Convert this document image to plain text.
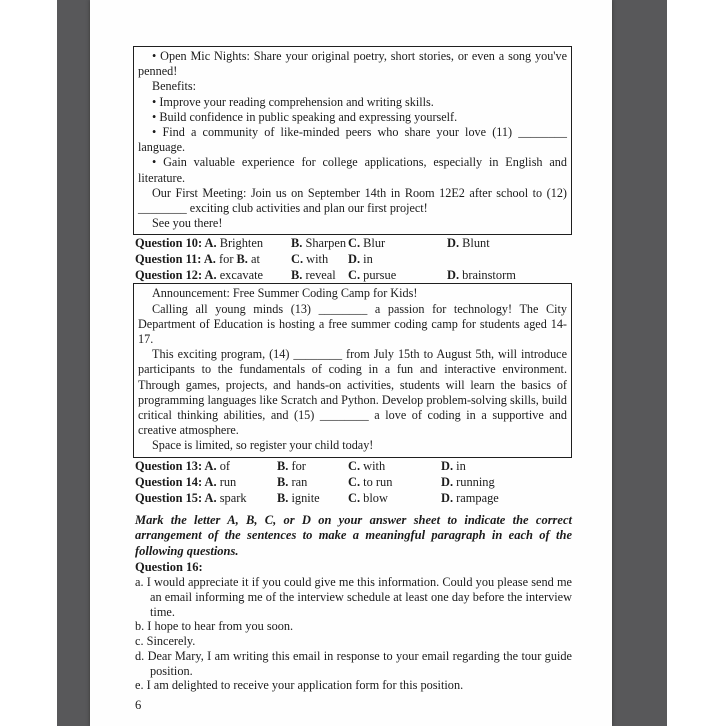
• Open Mic Nights: Share your original poetry, short stories, or even a song you've penned!

Benefits:

• Improve your reading comprehension and writing skills.

• Build confidence in public speaking and expressing yourself.

• Find a community of like-minded peers who share your love (11) ________ language.

• Gain valuable experience for college applications, especially in English and literature.

Our First Meeting: Join us on September 14th in Room 12E2 after school to (12) ________ exciting club activities and plan our first project!

See you there!

Question 10: A. Brighten	B. Sharpen C. Blur	D. Blunt
Question 11: A. for B. at	C. with	D. in
Question 12: A. excavate	B. reveal C. pursue	D. brainstorm

Announcement: Free Summer Coding Camp for Kids!

Calling all young minds (13) ________ a passion for technology! The City Department of Education is hosting a free summer coding camp for students aged 14-17.

This exciting program, (14) ________ from July 15th to August 5th, will introduce participants to the fundamentals of coding in a fun and interactive environment. Through games, projects, and hands-on activities, students will learn the basics of programming languages like Scratch and Python. Develop problem-solving skills, build critical thinking abilities, and (15) ________ a love of coding in a supportive and creative atmosphere.

Space is limited, so register your child today!

Question 13: A. of	B. for	C. with	D. in
Question 14: A. run	B. ran	C. to run	D. running
Question 15: A. spark	B. ignite	C. blow	D. rampage

Mark the letter A, B, C, or D on your answer sheet to indicate the correct arrangement of the sentences to make a meaningful paragraph in each of the following questions.

Question 16:

a. I would appreciate it if you could give me this information. Could you please send me an email informing me of the interview schedule at least one day before the interview time.

b. I hope to hear from you soon.

c. Sincerely.

d. Dear Mary, I am writing this email in response to your email regarding the tour guide position.

e. I am delighted to receive your application form for this position.

6
